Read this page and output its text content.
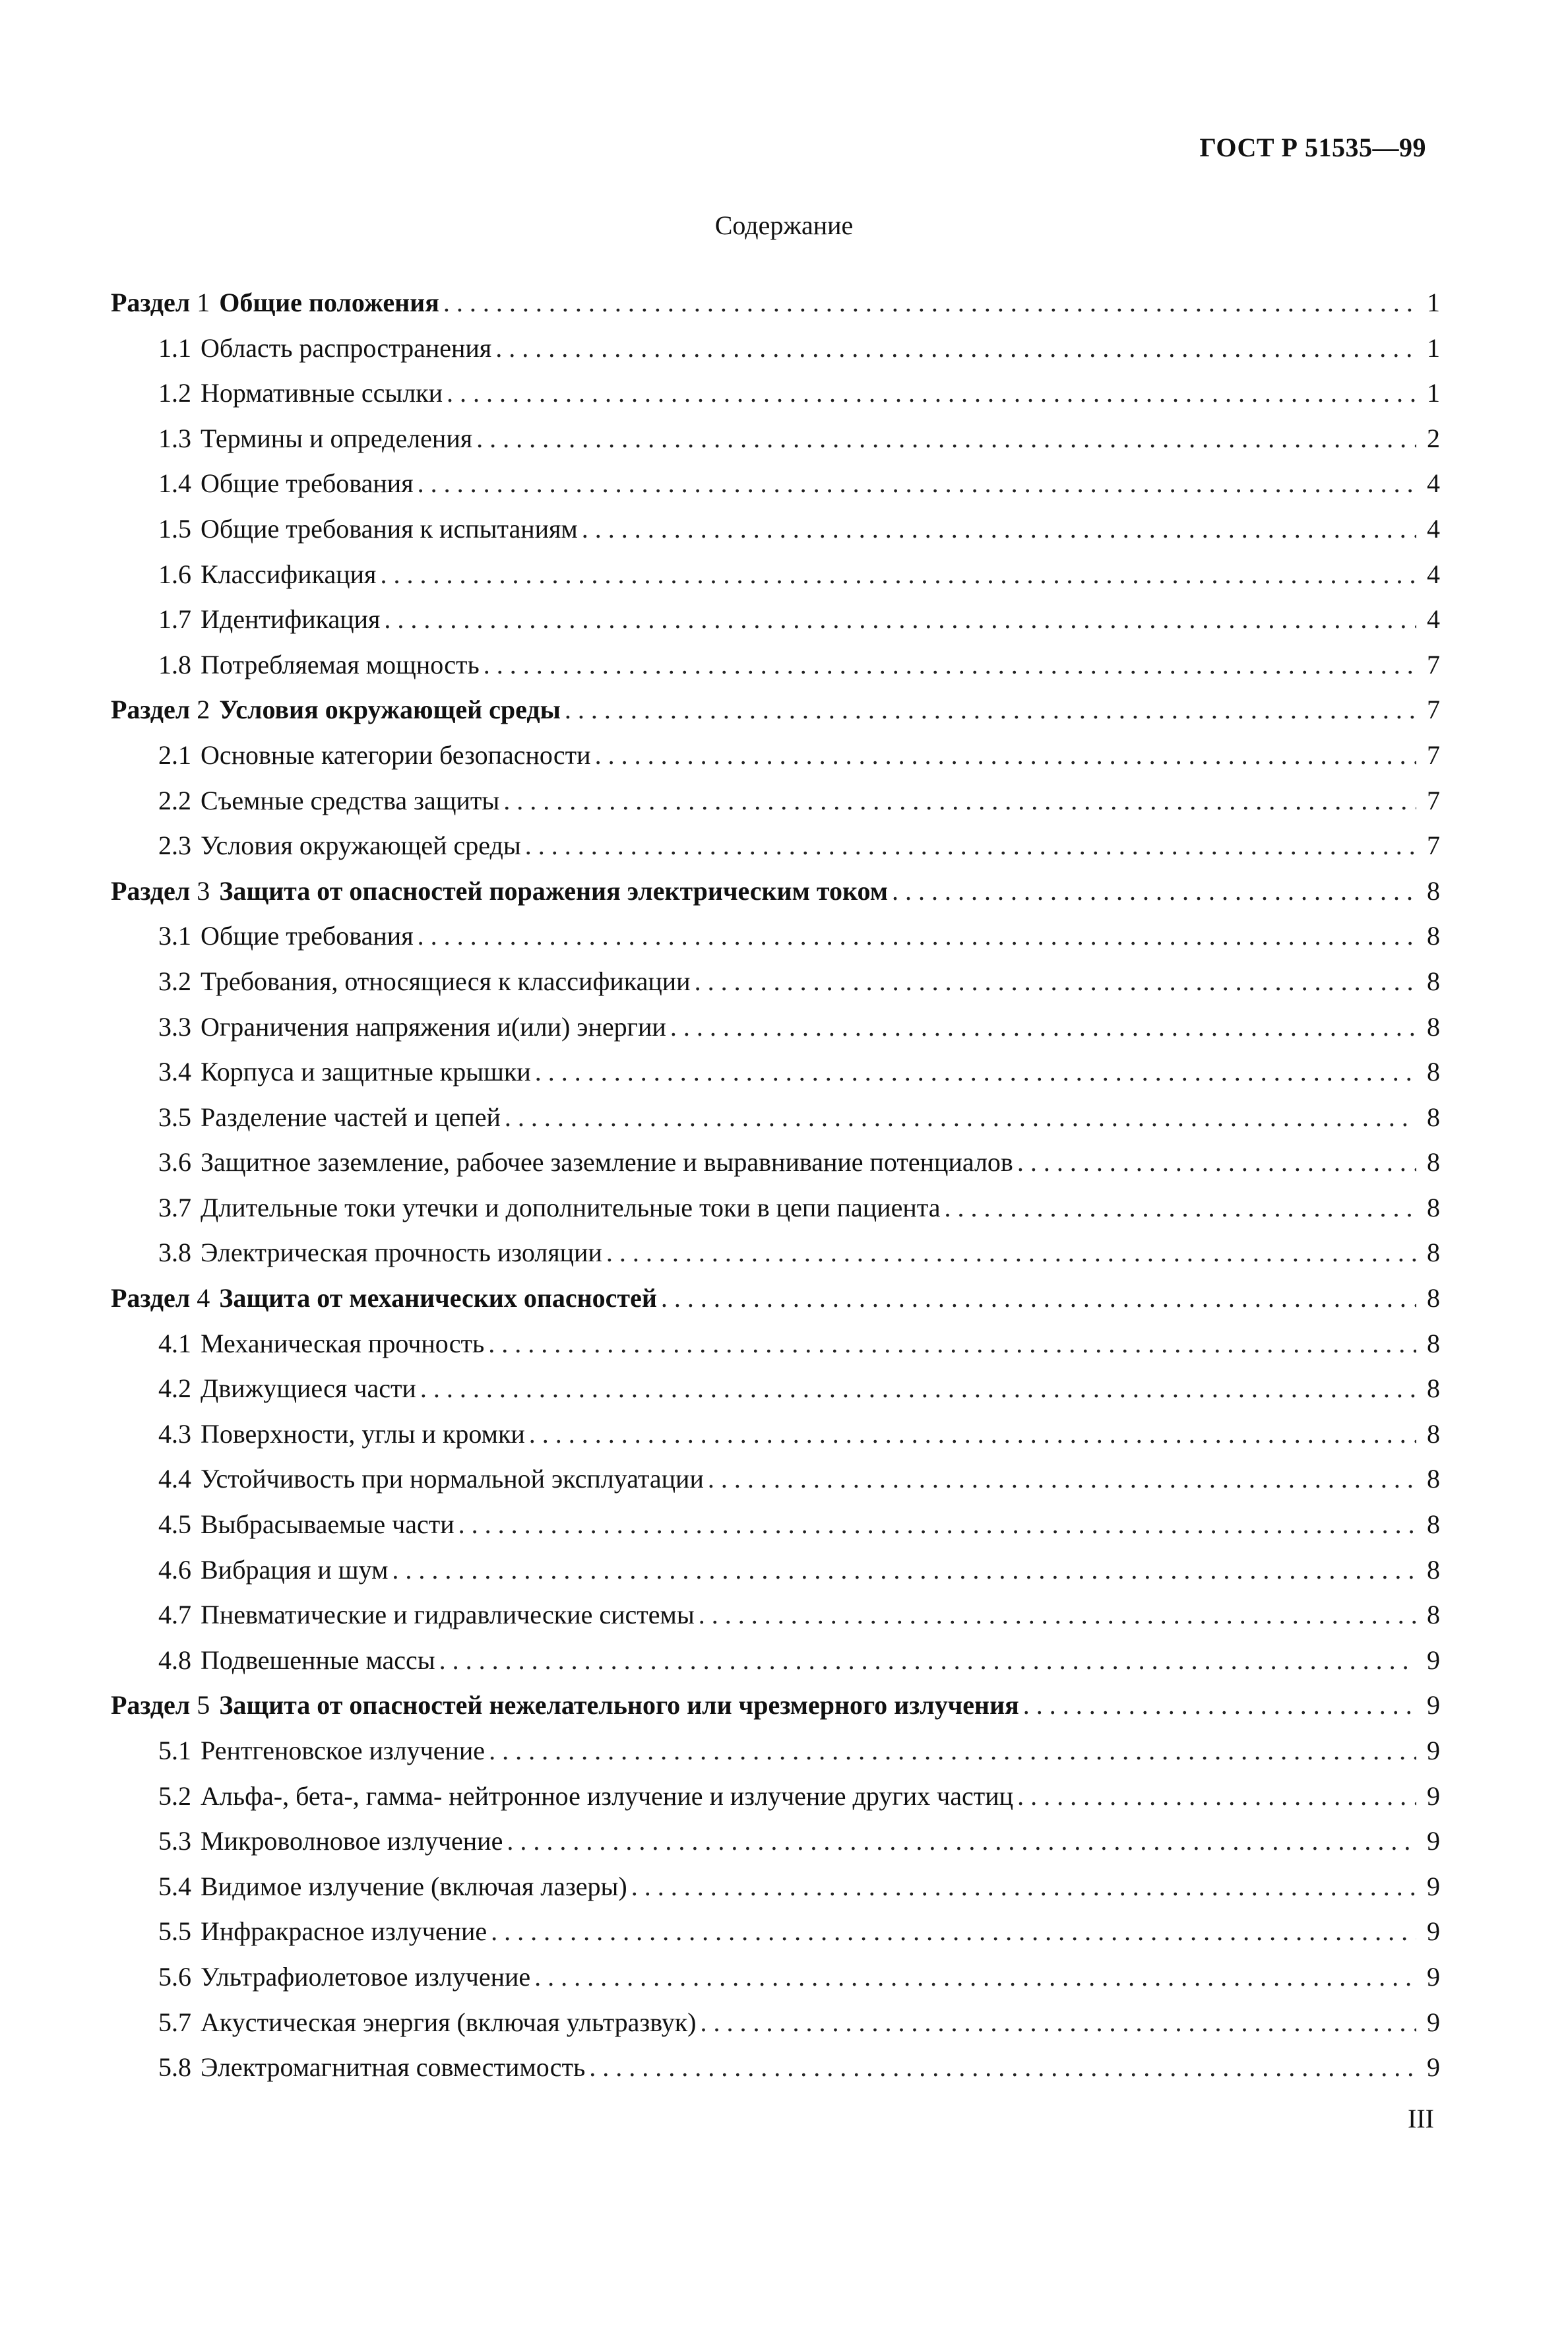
ГОСТ Р 51535—99
Содержание
Раздел 1 Общие положения . . .	1
1.1 Область распространения . . .	1
1.2 Нормативные ссылки . . .	1
1.3 Термины и определения . . .	2
1.4 Общие требования . . .	4
1.5 Общие требования к испытаниям . . .	4
1.6 Классификация . . .	4
1.7 Идентификация . . .	4
1.8 Потребляемая мощность . . .	7
Раздел 2 Условия окружающей среды . . .	7
2.1 Основные категории безопасности . . .	7
2.2 Съемные средства защиты . . .	7
2.3 Условия окружающей среды . . .	7
Раздел 3 Защита от опасностей поражения электрическим током . . .	8
3.1 Общие требования . . .	8
3.2 Требования, относящиеся к классификации . . .	8
3.3 Ограничения напряжения и(или) энергии . . .	8
3.4 Корпуса и защитные крышки . . .	8
3.5 Разделение частей и цепей . . .	8
3.6 Защитное заземление, рабочее заземление и выравнивание потенциалов . . .	8
3.7 Длительные токи утечки и дополнительные токи в цепи пациента . . .	8
3.8 Электрическая прочность изоляции . . .	8
Раздел 4 Защита от механических опасностей . . .	8
4.1 Механическая прочность . . .	8
4.2 Движущиеся части . . .	8
4.3 Поверхности, углы и кромки . . .	8
4.4 Устойчивость при нормальной эксплуатации . . .	8
4.5 Выбрасываемые части . . .	8
4.6 Вибрация и шум . . .	8
4.7 Пневматические и гидравлические системы . . .	8
4.8 Подвешенные массы . . .	9
Раздел 5 Защита от опасностей нежелательного или чрезмерного излучения . . .	9
5.1 Рентгеновское излучение . . .	9
5.2 Альфа-, бета-, гамма- нейтронное излучение и излучение других частиц . . .	9
5.3 Микроволновое излучение . . .	9
5.4 Видимое излучение (включая лазеры) . . .	9
5.5 Инфракрасное излучение . . .	9
5.6 Ультрафиолетовое излучение . . .	9
5.7 Акустическая энергия (включая ультразвук) . . .	9
5.8 Электромагнитная совместимость . . .	9
III
